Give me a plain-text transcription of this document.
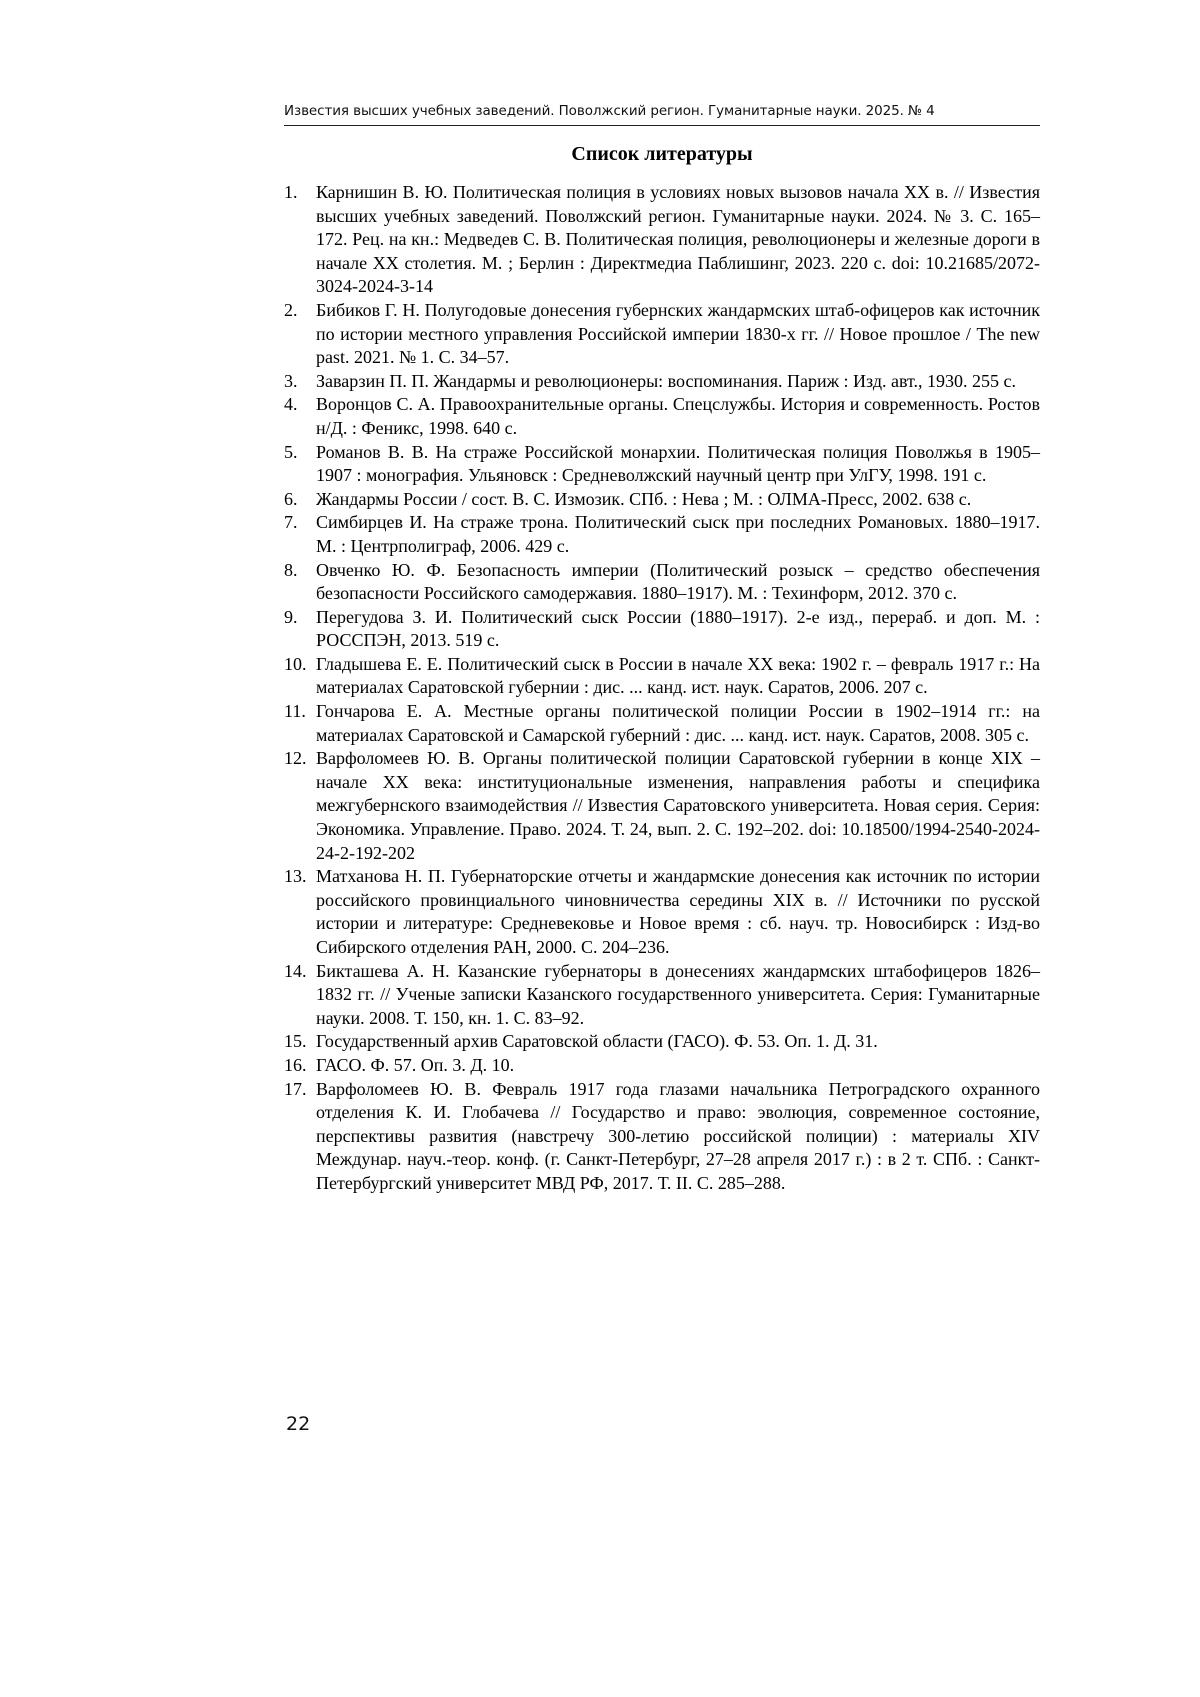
Известия высших учебных заведений. Поволжский регион. Гуманитарные науки. 2025. № 4
Список литературы
1.	Карнишин В. Ю. Политическая полиция в условиях новых вызовов начала XX в. // Известия высших учебных заведений. Поволжский регион. Гуманитарные науки. 2024. № 3. С. 165–172. Рец. на кн.: Медведев С. В. Политическая полиция, революционеры и железные дороги в начале XX столетия. М. ; Берлин : Директмедиа Паблишинг, 2023. 220 с. doi: 10.21685/2072-3024-2024-3-14
2.	Бибиков Г. Н. Полугодовые донесения губернских жандармских штаб-офицеров как источник по истории местного управления Российской империи 1830-х гг. // Новое прошлое / The new past. 2021. № 1. С. 34–57.
3.	Заварзин П. П. Жандармы и революционеры: воспоминания. Париж : Изд. авт., 1930. 255 с.
4.	Воронцов С. А. Правоохранительные органы. Спецслужбы. История и современность. Ростов н/Д. : Феникс, 1998. 640 с.
5.	Романов В. В. На страже Российской монархии. Политическая полиция Поволжья в 1905–1907 : монография. Ульяновск : Средневолжский научный центр при УлГУ, 1998. 191 с.
6.	Жандармы России / сост. В. С. Измозик. СПб. : Нева ; М. : ОЛМА-Пресс, 2002. 638 с.
7.	Симбирцев И. На страже трона. Политический сыск при последних Романовых. 1880–1917. М. : Центрполиграф, 2006. 429 с.
8.	Овченко Ю. Ф. Безопасность империи (Политический розыск – средство обеспечения безопасности Российского самодержавия. 1880–1917). М. : Техинформ, 2012. 370 с.
9.	Перегудова З. И. Политический сыск России (1880–1917). 2-е изд., перераб. и доп. М. : РОССПЭН, 2013. 519 с.
10. Гладышева Е. Е. Политический сыск в России в начале XX века: 1902 г. – февраль 1917 г.: На материалах Саратовской губернии : дис. ... канд. ист. наук. Саратов, 2006. 207 с.
11. Гончарова Е. А. Местные органы политической полиции России в 1902–1914 гг.: на материалах Саратовской и Самарской губерний : дис. ... канд. ист. наук. Саратов, 2008. 305 с.
12. Варфоломеев Ю. В. Органы политической полиции Саратовской губернии в конце XIX – начале XX века: институциональные изменения, направления работы и специфика межгубернского взаимодействия // Известия Саратовского университета. Новая серия. Серия: Экономика. Управление. Право. 2024. Т. 24, вып. 2. С. 192–202. doi: 10.18500/1994-2540-2024-24-2-192-202
13. Матханова Н. П. Губернаторские отчеты и жандармские донесения как источник по истории российского провинциального чиновничества середины XIX в. // Источники по русской истории и литературе: Средневековье и Новое время : сб. науч. тр. Новосибирск : Изд-во Сибирского отделения РАН, 2000. С. 204–236.
14. Бикташева А. Н. Казанские губернаторы в донесениях жандармских штабофицеров 1826–1832 гг. // Ученые записки Казанского государственного университета. Серия: Гуманитарные науки. 2008. Т. 150, кн. 1. С. 83–92.
15. Государственный архив Саратовской области (ГАСО). Ф. 53. Оп. 1. Д. 31.
16. ГАСО. Ф. 57. Оп. 3. Д. 10.
17. Варфоломеев Ю. В. Февраль 1917 года глазами начальника Петроградского охранного отделения К. И. Глобачева // Государство и право: эволюция, современное состояние, перспективы развития (навстречу 300-летию российской полиции) : материалы XIV Междунар. науч.-теор. конф. (г. Санкт-Петербург, 27–28 апреля 2017 г.) : в 2 т. СПб. : Санкт-Петербургский университет МВД РФ, 2017. Т. II. С. 285–288.
22
